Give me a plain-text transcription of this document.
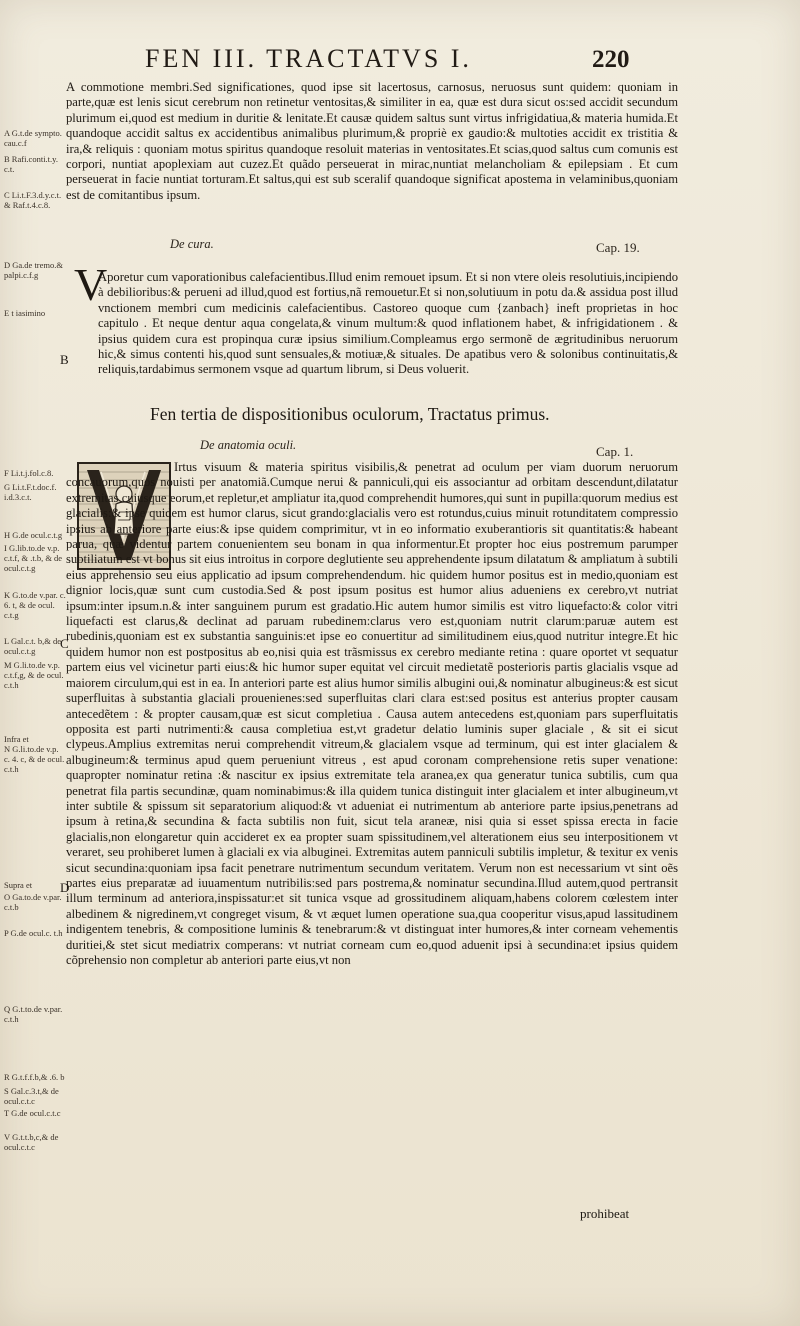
FEN III. TRACTATVS I.	220
A G.t.de sympto. cau.c.f
B Rafi.conti.t.y. c.t.
C Li.t.F.3.d.y.c.t. & Raf.t.4.c.8.
D Ga.de tremo.& palpi.c.f.g
E t iasimino
F Li.t.j.fol.c.8.
G Li.t.F.t.doc.f. i.d.3.c.t.
H G.de ocul.c.t.g
I G.lib.to.de v.p. c.t.f, & .t.b, & de ocul.c.t.g
K G.to.de v.par. c. 6. t, & de ocul. c.t.g
L Gal.c.t. b,& de ocul.c.t.g
M G.li.to.de v.p. c.t.f,g, & de ocul. c.t.h
Infra et
N G.li.to.de v.p. c. 4. c, & de ocul. c.t.h
Supra et
O Ga.to.de v.par. c.t.b
P G.de ocul.c. t.h
Q G.t.to.de v.par. c.t.h
R G.t.f.f.b,& .6. b
S Gal.c.3.t,& de ocul.c.t.c
T G.de ocul.c.t.c
V G.t.t.b,c,& de ocul.c.t.c

A commotione membri.Sed significationes, quod ipse sit lacertosus, carnosus, neruosus sunt quidem: quoniam in parte,quæ est lenis sicut cerebrum non retinetur ventositas,& similiter in ea, quæ est dura sicut os:sed accidit secundum plurimum ei,quod est medium in duritie & lenitate.Et causæ quidem saltus sunt virtus infrigidatiua,& materia humida.Et quandoque accidit saltus ex accidentibus animalibus plurimum,& propriè ex gaudio:& multoties accidit ex tristitia & ira,& reliquis : quoniam motus spiritus quandoque resoluit materias in ventositates.Et scias,quod saltus cum comunis est corpori, nuntiat apoplexiam aut cuzez.Et quãdo perseuerat in mirac,nuntiat melancholiam & epilepsiam . Et cum perseuerat in facie nuntiat torturam.Et saltus,qui est sub sceralif quandoque significat apostema in velaminibus,quoniam est de comitantibus ipsum.

De cura.	Cap. 19.
V

Aporetur cum vaporationibus calefacientibus.Illud enim remouet ipsum. Et si non vtere oleis resolutiuis,incipiendo à debilioribus:& perueni ad illud,quod est fortius,nã remouetur.Et si non,solutiuum in potu da.& assidua post illud vnctionem membri cum medicinis calefacientibus. Castoreo quoque cum {zanbach} ineft proprietas in hoc capitulo . Et neque dentur aqua congelata,& vinum multum:& quod inflationem habet, & infrigidationem . & ipsius quidem cura est propinqua curæ ipsius similium.Compleamus ergo sermonẽ de ægritudinibus neruorum hic,& simus contenti his,quod sunt sensuales,& motiuæ,& situales. De apatibus vero & solonibus continuitatis,& reliquis,tardabimus sermonem vsque ad quartum librum, si Deus voluerit.

B
Fen tertia de dispositionibus oculorum, Tractatus primus.
De anatomia oculi.	Cap. 1.

Irtus visuum & materia spiritus visibilis,& penetrat ad oculum per viam duorum neruorum concauorum,quos nouisti per anatomiã.Cumque nerui & panniculi,qui eis associantur ad orbitam descendunt,dilatatur extremitas cuiusque eorum,et repletur,et ampliatur ita,quod comprehendit humores,qui sunt in pupilla:quorum medius est glacialis:& ipse quidem est humor clarus, sicut grando:glacialis vero est rotundus,cuius minuit rotunditatem compressio ipsius ab anteriore parte eius:& ipse quidem comprimitur, vt in eo informatio exuberantioris sit quantitatis:& habeant parua, quæ videntur partem conuenientem seu bonam in qua informentur.Et propter hoc eius postremum parumper subtiliatum est vt bonus sit eius introitus in corpore deglutiente seu apprehendente ipsum dilatatum & ampliatum à subtili eius apprehensio seu eius applicatio ad ipsum comprehendendum. hic quidem humor positus est in medio,quoniam est dignior locis,quæ sunt cum custodia.Sed & post ipsum positus est humor alius adueniens ex cerebro,vt nutriat ipsum:inter ipsum.n.& inter sanguinem purum est gradatio.Hic autem humor similis est vitro liquefacto:& color vitri liquefacti est clarus,& declinat ad paruam rubedinem:clarus vero est,quoniam nutrit clarum:paruæ autem est rubedinis,quoniam est ex substantia sanguinis:et ipse eo conuertitur ad similitudinem eius,quod nutritur integre.Et hic quidem humor non est postpositus ab eo,nisi quia est trãsmissus ex cerebro mediante retina : quare oportet vt sequatur partem eius vel vicinetur parti eius:& hic humor super equitat vel circuit medietatẽ posterioris partis glacialis vsque ad maiorem circulum,qui est in ea. In anteriori parte est alius humor similis albugini oui,& nominatur albugineus:& est sicut superfluitas à substantia glaciali prouenienes:sed superfluitas clari clara est:sed positus est anterius propter causam antecedẽtem : & propter causam,quæ est sicut completiua . Causa autem antecedens est,quoniam pars superfluitatis opposita est parti nutrimenti:& causa completiua est,vt gradetur delatio luminis super glaciale , & sit ei sicut clypeus.Amplius extremitas nerui comprehendit vitreum,& glacialem vsque ad terminum, qui est inter glacialem & albugineum:& terminus apud quem perueniunt vitreus , est apud coronam comprehensione retis super venatione: quapropter nominatur retina :& nascitur ex ipsius extremitate tela aranea,ex qua generatur tunica subtilis, cum qua penetrat fila partis secundinæ, quam nominabimus:& illa quidem tunica distinguit inter glacialem et inter albugineum,vt inter subtile & spissum sit separatorium aliquod:& vt adueniat ei nutrimentum ab anteriore parte ipsius,penetrans ad ipsum à retina,& secundina & facta subtilis non fuit, sicut tela araneæ, nisi quia si esset spissa erecta in facie glacialis,non elongaretur quin accideret ex ea propter suam spissitudinem,vel alterationem eius seu interpositionem vt veraret, seu prohiberet lumen à glaciali ex via albuginei. Extremitas autem panniculi subtilis impletur, & texitur ex venis sicut secundina:quoniam ipsa facit penetrare nutrimentum secundum veritatem. Verum non est necessarium vt sint oẽs partes eius preparatæ ad iuuamentum nutribilis:sed pars postrema,& nominatur secundina.Illud autem,quod pertransit illum terminum ad anteriora,inspissatur:et sit tunica vsque ad grossitudinem aliquam,habens colorem cœlestem inter albedinem & nigredinem,vt congreget visum, & vt æquet lumen operatione sua,qua cooperitur visus,apud lassitudinem indigentem tenebris, & compositione luminis & tenebrarum:& vt distinguat inter humores,& inter corneam vehementis duritiei,& stet sicut mediatrix comperans: vt nutriat corneam cum eo,quod aduenit ipsi à secundina:et ipsius quidem cõprehensio non completur ab anteriori parte eius,vt non

C
D
prohibeat
